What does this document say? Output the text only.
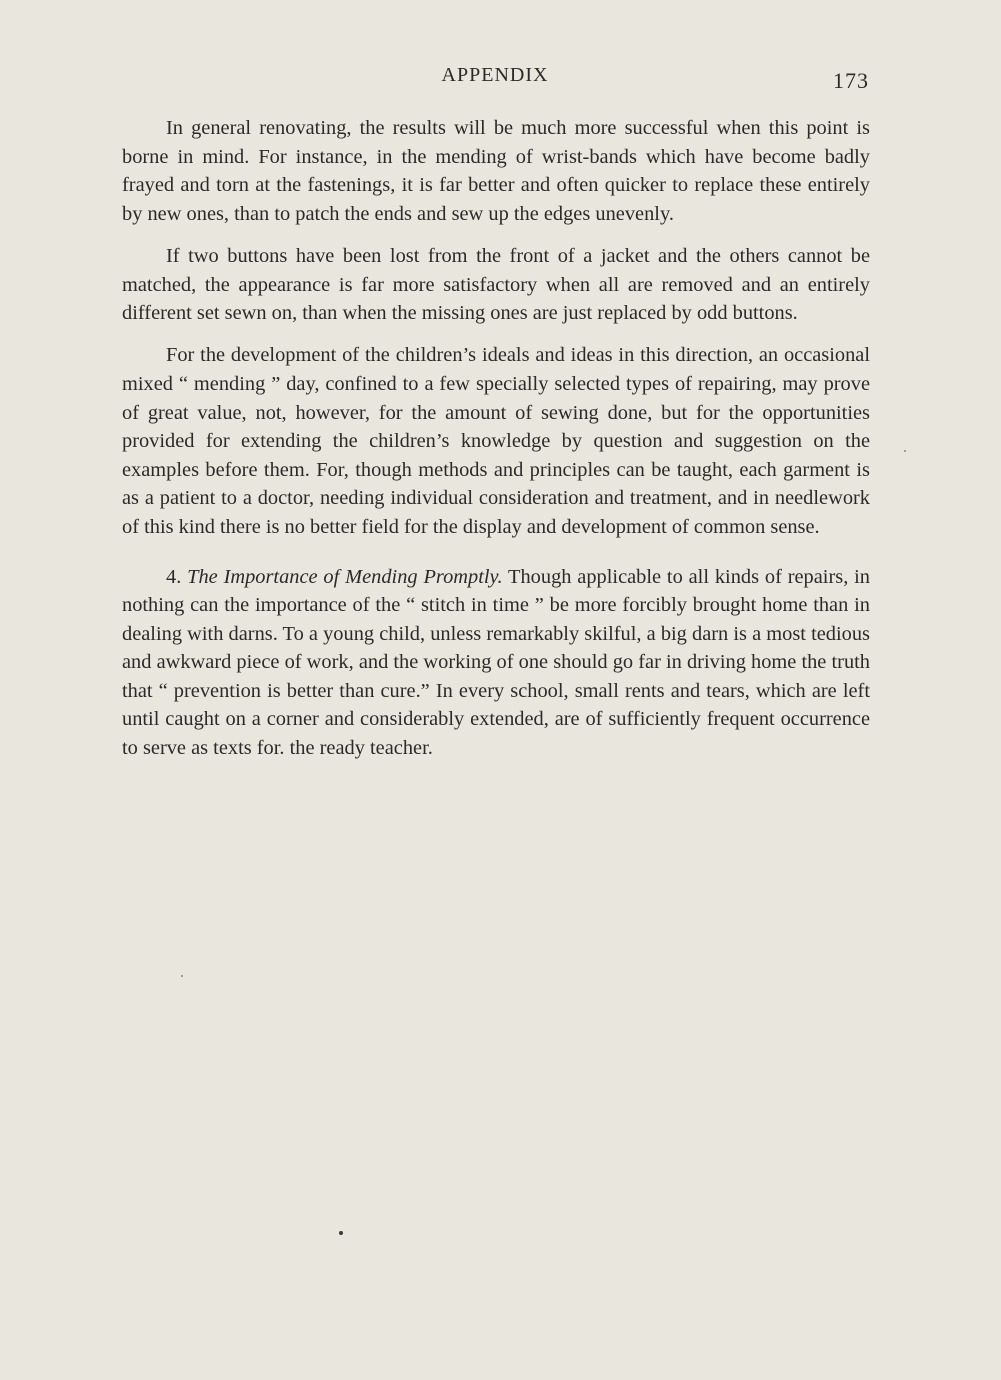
APPENDIX	173

In general renovating, the results will be much more successful when this point is borne in mind. For instance, in the mending of wrist-bands which have become badly frayed and torn at the fastenings, it is far better and often quicker to replace these entirely by new ones, than to patch the ends and sew up the edges unevenly.

If two buttons have been lost from the front of a jacket and the others cannot be matched, the appearance is far more satisfactory when all are removed and an entirely different set sewn on, than when the missing ones are just replaced by odd buttons.

For the development of the children’s ideals and ideas in this direction, an occasional mixed “ mending ” day, confined to a few specially selected types of repairing, may prove of great value, not, however, for the amount of sewing done, but for the opportunities provided for extending the children’s knowledge by question and suggestion on the examples before them. For, though methods and principles can be taught, each garment is as a patient to a doctor, needing individual consideration and treatment, and in needlework of this kind there is no better field for the display and development of common sense.

4. The Importance of Mending Promptly. Though applicable to all kinds of repairs, in nothing can the importance of the “ stitch in time ” be more forcibly brought home than in dealing with darns. To a young child, unless remarkably skilful, a big darn is a most tedious and awkward piece of work, and the working of one should go far in driving home the truth that “ prevention is better than cure.” In every school, small rents and tears, which are left until caught on a corner and considerably extended, are of sufficiently frequent occurrence to serve as texts for. the ready teacher.
